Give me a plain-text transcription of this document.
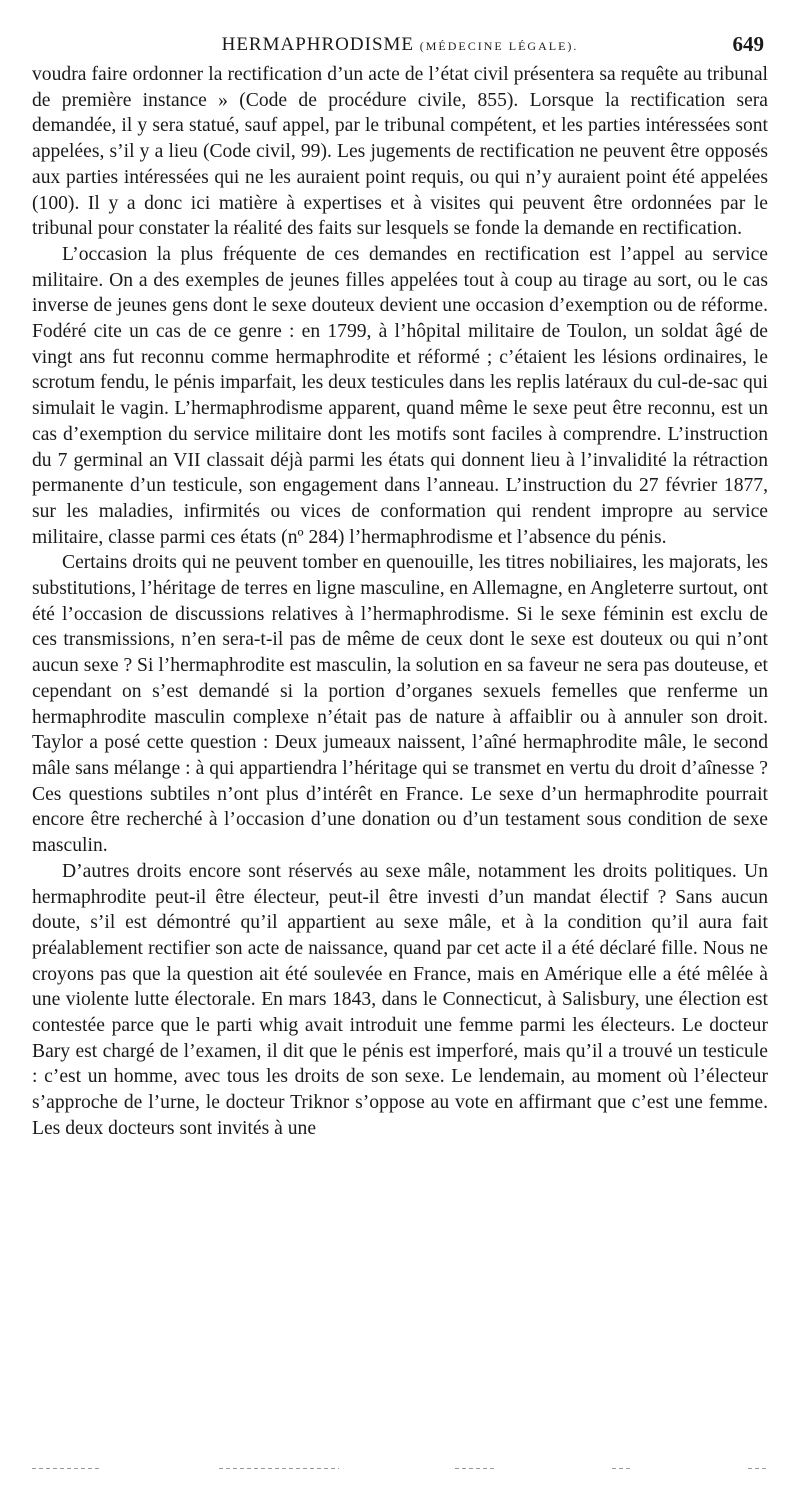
HERMAPHRODISME (MÉDECINE LÉGALE).	649

voudra faire ordonner la rectification d’un acte de l’état civil présentera sa requête au tribunal de première instance » (Code de procédure civile, 855). Lorsque la rectification sera demandée, il y sera statué, sauf appel, par le tribunal compétent, et les parties intéressées sont appelées, s’il y a lieu (Code civil, 99). Les jugements de rectification ne peuvent être opposés aux parties intéressées qui ne les auraient point requis, ou qui n’y auraient point été appelées (100). Il y a donc ici matière à expertises et à visites qui peuvent être ordonnées par le tribunal pour constater la réalité des faits sur lesquels se fonde la demande en rectification.

L’occasion la plus fréquente de ces demandes en rectification est l’appel au service militaire. On a des exemples de jeunes filles appelées tout à coup au tirage au sort, ou le cas inverse de jeunes gens dont le sexe douteux devient une occasion d’exemption ou de réforme. Fodéré cite un cas de ce genre : en 1799, à l’hôpital militaire de Toulon, un soldat âgé de vingt ans fut reconnu comme hermaphrodite et réformé ; c’étaient les lésions ordinaires, le scrotum fendu, le pénis imparfait, les deux testicules dans les replis latéraux du cul-de-sac qui simulait le vagin. L’hermaphrodisme apparent, quand même le sexe peut être reconnu, est un cas d’exemption du service militaire dont les motifs sont faciles à comprendre. L’instruction du 7 germinal an VII classait déjà parmi les états qui donnent lieu à l’invalidité la rétraction permanente d’un testicule, son engagement dans l’anneau. L’instruction du 27 février 1877, sur les maladies, infirmités ou vices de conformation qui rendent impropre au service militaire, classe parmi ces états (nº 284) l’hermaphrodisme et l’absence du pénis.

Certains droits qui ne peuvent tomber en quenouille, les titres nobiliaires, les majorats, les substitutions, l’héritage de terres en ligne masculine, en Allemagne, en Angleterre surtout, ont été l’occasion de discussions relatives à l’hermaphrodisme. Si le sexe féminin est exclu de ces transmissions, n’en sera-t-il pas de même de ceux dont le sexe est douteux ou qui n’ont aucun sexe ? Si l’hermaphrodite est masculin, la solution en sa faveur ne sera pas douteuse, et cependant on s’est demandé si la portion d’organes sexuels femelles que renferme un hermaphrodite masculin complexe n’était pas de nature à affaiblir ou à annuler son droit. Taylor a posé cette question : Deux jumeaux naissent, l’aîné hermaphrodite mâle, le second mâle sans mélange : à qui appartiendra l’héritage qui se transmet en vertu du droit d’aînesse ? Ces questions subtiles n’ont plus d’intérêt en France. Le sexe d’un hermaphrodite pourrait encore être recherché à l’occasion d’une donation ou d’un testament sous condition de sexe masculin.

D’autres droits encore sont réservés au sexe mâle, notamment les droits politiques. Un hermaphrodite peut-il être électeur, peut-il être investi d’un mandat électif ? Sans aucun doute, s’il est démontré qu’il appartient au sexe mâle, et à la condition qu’il aura fait préalablement rectifier son acte de naissance, quand par cet acte il a été déclaré fille. Nous ne croyons pas que la question ait été soulevée en France, mais en Amérique elle a été mêlée à une violente lutte électorale. En mars 1843, dans le Connecticut, à Salisbury, une élection est contestée parce que le parti whig avait introduit une femme parmi les électeurs. Le docteur Bary est chargé de l’examen, il dit que le pénis est imperforé, mais qu’il a trouvé un testicule : c’est un homme, avec tous les droits de son sexe. Le lendemain, au moment où l’électeur s’approche de l’urne, le docteur Triknor s’oppose au vote en affirmant que c’est une femme. Les deux docteurs sont invités à une
